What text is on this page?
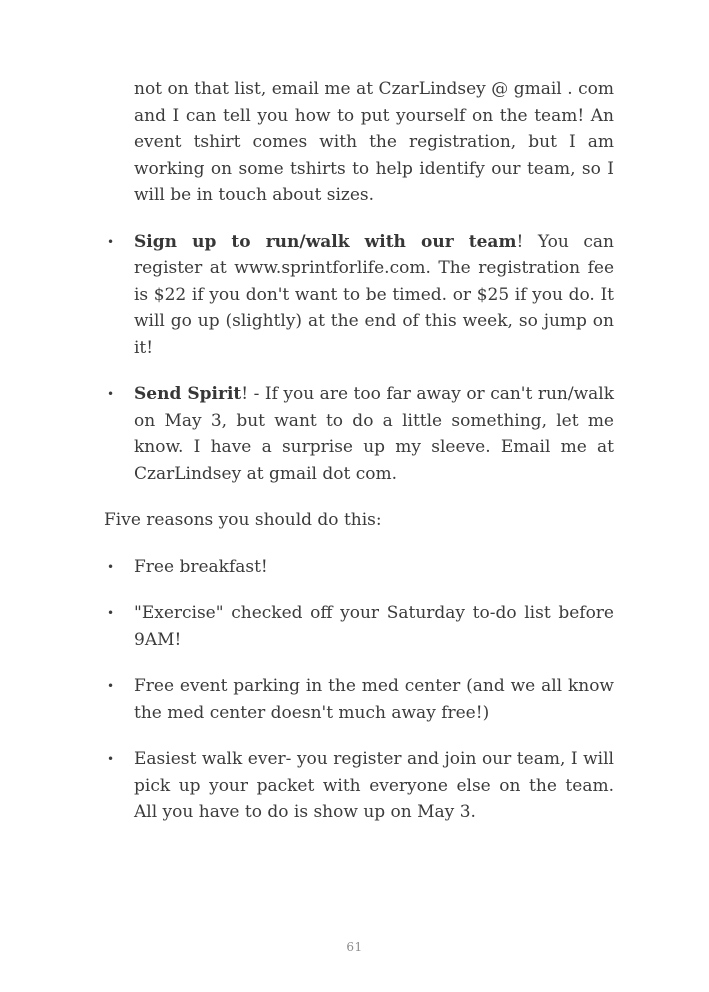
not on that list, email me at CzarLindsey @ gmail . com and I can tell you how to put yourself on the team! An event tshirt comes with the registration, but I am working on some tshirts to help identify our team, so I will be in touch about sizes.

• Sign up to run/walk with our team! You can register at www.sprintforlife.com. The registration fee is $22 if you don't want to be timed. or $25 if you do. It will go up (slightly) at the end of this week, so jump on it!
• Send Spirit! - If you are too far away or can't run/walk on May 3, but want to do a little something, let me know. I have a surprise up my sleeve. Email me at CzarLindsey at gmail dot com.

Five reasons you should do this:

• Free breakfast!
• "Exercise" checked off your Saturday to-do list before 9AM!
• Free event parking in the med center (and we all know the med center doesn't much away free!)
• Easiest walk ever- you register and join our team, I will pick up your packet with everyone else on the team. All you have to do is show up on May 3.
61
